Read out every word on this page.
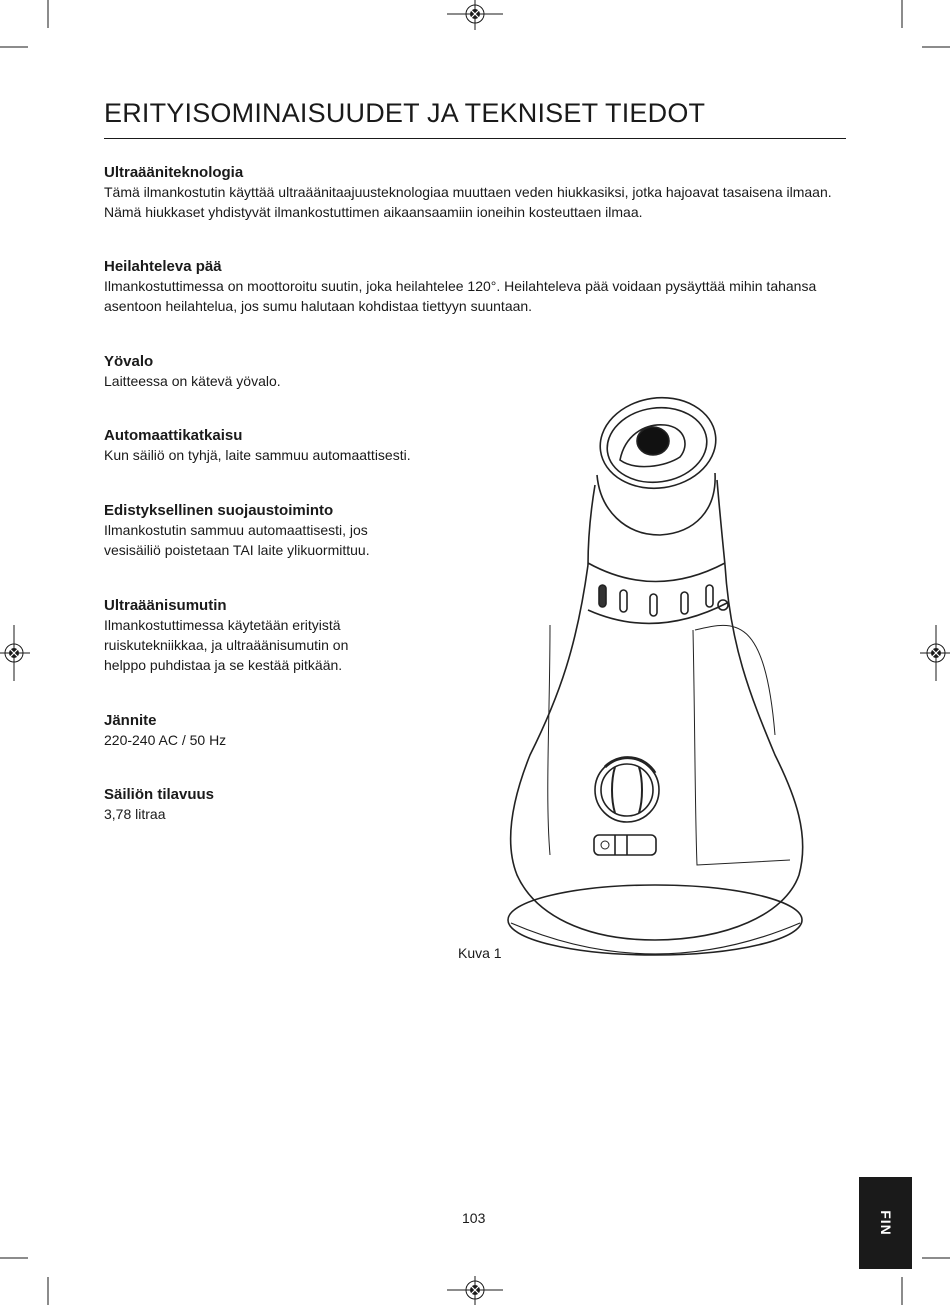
ERITYISOMINAISUUDET JA TEKNISET TIEDOT
Ultraääniteknologia

Tämä ilmankostutin käyttää ultraäänitaajuusteknologiaa muuttaen veden hiukkasiksi, jotka hajoavat tasaisena ilmaan. Nämä hiukkaset yhdistyvät ilmankostuttimen aikaansaamiin ioneihin kosteuttaen ilmaa.

Heilahteleva pää

Ilmankostuttimessa on moottoroitu suutin, joka heilahtelee 120°. Heilahteleva pää voidaan pysäyttää mihin tahansa asentoon heilahtelua, jos sumu halutaan kohdistaa tiettyyn suuntaan.

Yövalo

Laitteessa on kätevä yövalo.

Automaattikatkaisu

Kun säiliö on tyhjä, laite sammuu automaattisesti.

Edistyksellinen suojaustoiminto

Ilmankostutin sammuu automaattisesti, jos vesisäiliö poistetaan TAI laite ylikuormittuu.

Ultraäänisumutin

Ilmankostuttimessa käytetään erityistä ruiskutekniikkaa, ja ultraäänisumutin on helppo puhdistaa ja se kestää pitkään.

Jännite

220-240 AC / 50 Hz

Säiliön tilavuus

3,78 litraa

Kuva 1
103	FIN
